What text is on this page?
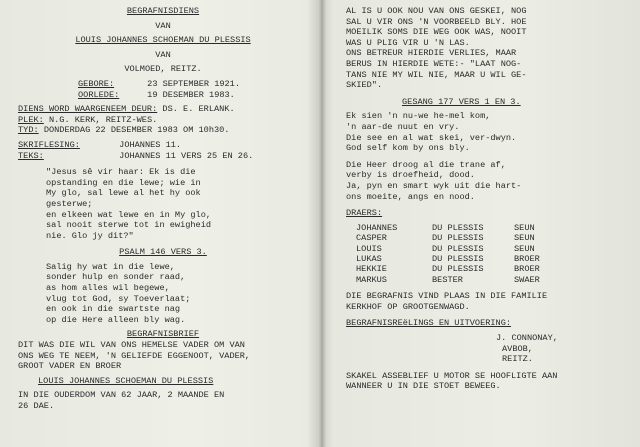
BEGRAFNISDIENS
VAN
LOUIS JOHANNES SCHOEMAN DU PLESSIS
VAN
VOLMOED, REITZ.
GEBORE:	23 SEPTEMBER 1921.
OORLEDE:	19 DESEMBER 1983.
DIENS WORD WAARGENEEM DEUR: DS. E. ERLANK.
PLEK: N.G. KERK, REITZ-WES.
TYD: DONDERDAG 22 DESEMBER 1983 OM 10h30.
SKRIFLESING:	JOHANNES 11.
TEKS:	JOHANNES 11 VERS 25 EN 26.
"Jesus sê vir haar: Ek is die
opstanding en die lewe; wie in
My glo, sal lewe al het hy ook
gesterwe;
en elkeen wat lewe en in My glo,
sal nooit sterwe tot in ewigheid
nie. Glo jy dit?"
PSALM 146 VERS 3.
Salig hy wat in die lewe,
sonder hulp en sonder raad,
as hom alles wil begewe,
vlug tot God, sy Toeverlaat;
en ook in die swartste nag
op die Here alleen bly wag.
BEGRAFNISBRIEF
DIT WAS DIE WIL VAN ONS HEMELSE VADER OM VAN
ONS WEG TE NEEM, 'N GELIEFDE EGGENOOT, VADER,
GROOT VADER EN BROER
LOUIS JOHANNES SCHOEMAN DU PLESSIS
IN DIE OUDERDOM VAN 62 JAAR, 2 MAANDE EN
26 DAE.
AL IS U OOK NOU VAN ONS GESKEI, NOG
SAL U VIR ONS 'N VOORBEELD BLY. HOE
MOEILIK SOMS DIE WEG OOK WAS, NOOIT
WAS U PLIG VIR U 'N LAS.
ONS BETREUR HIERDIE VERLIES, MAAR
BERUS IN HIERDIE WETE:- "LAAT NOG-
TANS NIE MY WIL NIE, MAAR U WIL GE-
SKIED".
GESANG 177 VERS 1 EN 3.
Ek sien 'n nu-we he-mel kom,
'n aar-de nuut en vry.
Die see en al wat skei, ver-dwyn.
God self kom by ons bly.
Die Heer droog al die trane af,
verby is droefheid, dood.
Ja, pyn en smart wyk uit die hart-
ons moeite, angs en nood.
DRAERS:
JOHANNES	DU PLESSIS	SEUN
CASPER	DU PLESSIS	SEUN
LOUIS	DU PLESSIS	SEUN
LUKAS	DU PLESSIS	BROER
HEKKIE	DU PLESSIS	BROER
MARKUS	BESTER	SWAER
DIE BEGRAFNIS VIND PLAAS IN DIE FAMILIE
KERKHOF OP GROOTGENWAGD.
BEGRAFNISREëLINGS EN UITVOERING:
J. CONNONAY,
AVBOB,
REITZ.
SKAKEL ASSEBLIEF U MOTOR SE HOOFLIGTE AAN
WANNEER U IN DIE STOET BEWEEG.
